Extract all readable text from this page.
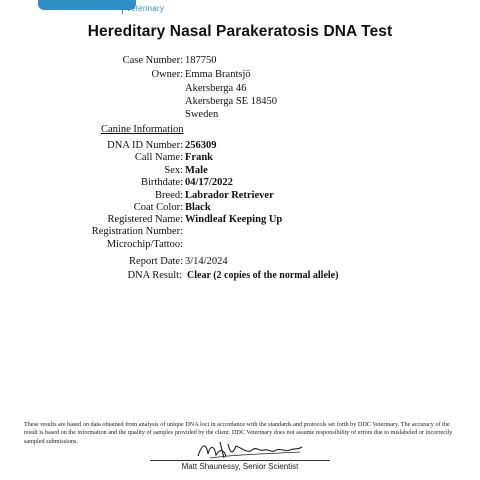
Veterinary
Hereditary Nasal Parakeratosis DNA Test
Case Number: 187750
Owner: Emma Brantsjö
Akersberga 46
Akersberga SE 18450
Sweden
Canine Information
DNA ID Number: 256309
Call Name: Frank
Sex: Male
Birthdate: 04/17/2022
Breed: Labrador Retriever
Coat Color: Black
Registered Name: Windleaf Keeping Up
Registration Number:
Microchip/Tattoo:
Report Date: 3/14/2024
DNA Result: Clear (2 copies of the normal allele)
These results are based on data obtained from analysis of unique DNA loci in accordance with the standards and protocols set forth by DDC Veterinary. The accuracy of the result is based on the information and the quality of samples provided by the client. DDC Veterinary does not assume responsibility of errors due to mislabeled or incorrectly sampled submissions.
Matt Shaunessy, Senior Scientist
